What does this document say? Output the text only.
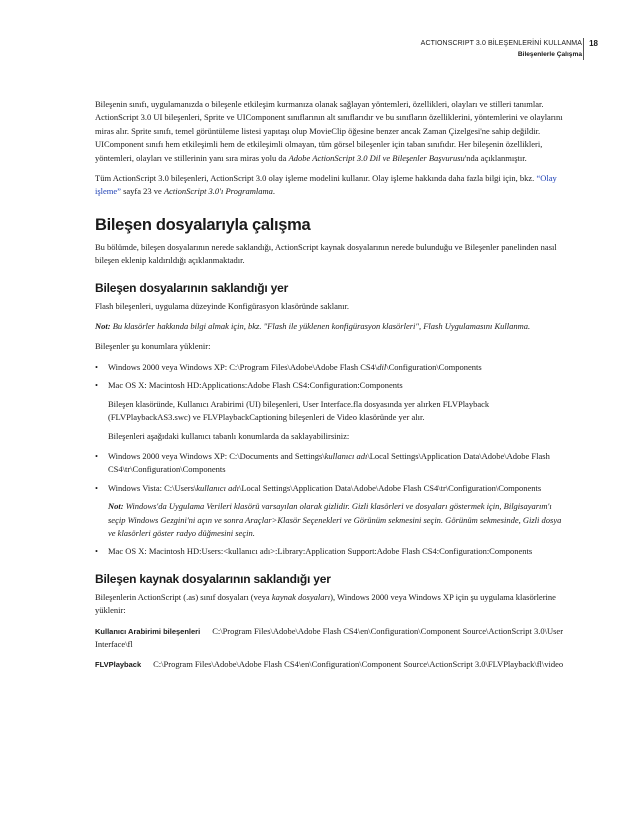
ACTIONSCRIPT 3.0 BİLEŞENLERİNİ KULLANMA
Bileşenlerle Çalışma
18

Bileşenin sınıfı, uygulamanızda o bileşenle etkileşim kurmanıza olanak sağlayan yöntemleri, özellikleri, olayları ve stilleri tanımlar. ActionScript 3.0 UI bileşenleri, Sprite ve UIComponent sınıflarının alt sınıflarıdır ve bu sınıfların özelliklerini, yöntemlerini ve olaylarını miras alır. Sprite sınıfı, temel görüntüleme listesi yapıtaşı olup MovieClip öğesine benzer ancak Zaman Çizelgesi'ne sahip değildir. UIComponent sınıfı hem etkileşimli hem de etkileşimli olmayan, tüm görsel bileşenler için taban sınıfıdır. Her bileşenin özellikleri, yöntemleri, olayları ve stillerinin yanı sıra miras yolu da Adobe ActionScript 3.0 Dil ve Bileşenler Başvurusu'nda açıklanmıştır.

Tüm ActionScript 3.0 bileşenleri, ActionScript 3.0 olay işleme modelini kullanır. Olay işleme hakkında daha fazla bilgi için, bkz. “Olay işleme” sayfa 23 ve ActionScript 3.0'ı Programlama.

Bileşen dosyalarıyla çalışma

Bu bölümde, bileşen dosyalarının nerede saklandığı, ActionScript kaynak dosyalarının nerede bulunduğu ve Bileşenler panelinden nasıl bileşen eklenip kaldırıldığı açıklanmaktadır.

Bileşen dosyalarının saklandığı yer

Flash bileşenleri, uygulama düzeyinde Konfigürasyon klasöründe saklanır.

Not: Bu klasörler hakkında bilgi almak için, bkz. "Flash ile yüklenen konfigürasyon klasörleri", Flash Uygulamasını Kullanma.

Bileşenler şu konumlara yüklenir:

• Windows 2000 veya Windows XP: C:\Program Files\Adobe\Adobe Flash CS4\dil\Configuration\Components
• Mac OS X: Macintosh HD:Applications:Adobe Flash CS4:Configuration:Components

Bileşen klasöründe, Kullanıcı Arabirimi (UI) bileşenleri, User Interface.fla dosyasında yer alırken FLVPlayback (FLVPlaybackAS3.swc) ve FLVPlaybackCaptioning bileşenleri de Video klasöründe yer alır.

Bileşenleri aşağıdaki kullanıcı tabanlı konumlarda da saklayabilirsiniz:

• Windows 2000 veya Windows XP: C:\Documents and Settings\kullanıcı adı\Local Settings\Application Data\Adobe\Adobe Flash CS4\tr\Configuration\Components
• Windows Vista: C:\Users\kullanıcı adı\Local Settings\Application Data\Adobe\Adobe Flash CS4\tr\Configuration\Components

Not: Windows'da Uygulama Verileri klasörü varsayılan olarak gizlidir. Gizli klasörleri ve dosyaları göstermek için, Bilgisayarım'ı seçip Windows Gezgini'ni açın ve sonra Araçlar>Klasör Seçenekleri ve Görünüm sekmesini seçin. Görünüm sekmesinde, Gizli dosya ve klasörleri göster radyo düğmesini seçin.

• Mac OS X: Macintosh HD:Users:<kullanıcı adı>:Library:Application Support:Adobe Flash CS4:Configuration:Components
Bileşen kaynak dosyalarının saklandığı yer

Bileşenlerin ActionScript (.as) sınıf dosyaları (veya kaynak dosyaları), Windows 2000 veya Windows XP için şu uygulama klasörlerine yüklenir:

Kullanıcı Arabirimi bileşenleri C:\Program Files\Adobe\Adobe Flash CS4\en\Configuration\Component Source\ActionScript 3.0\User Interface\fl

FLVPlayback C:\Program Files\Adobe\Adobe Flash CS4\en\Configuration\Component Source\ActionScript 3.0\FLVPlayback\fl\video
